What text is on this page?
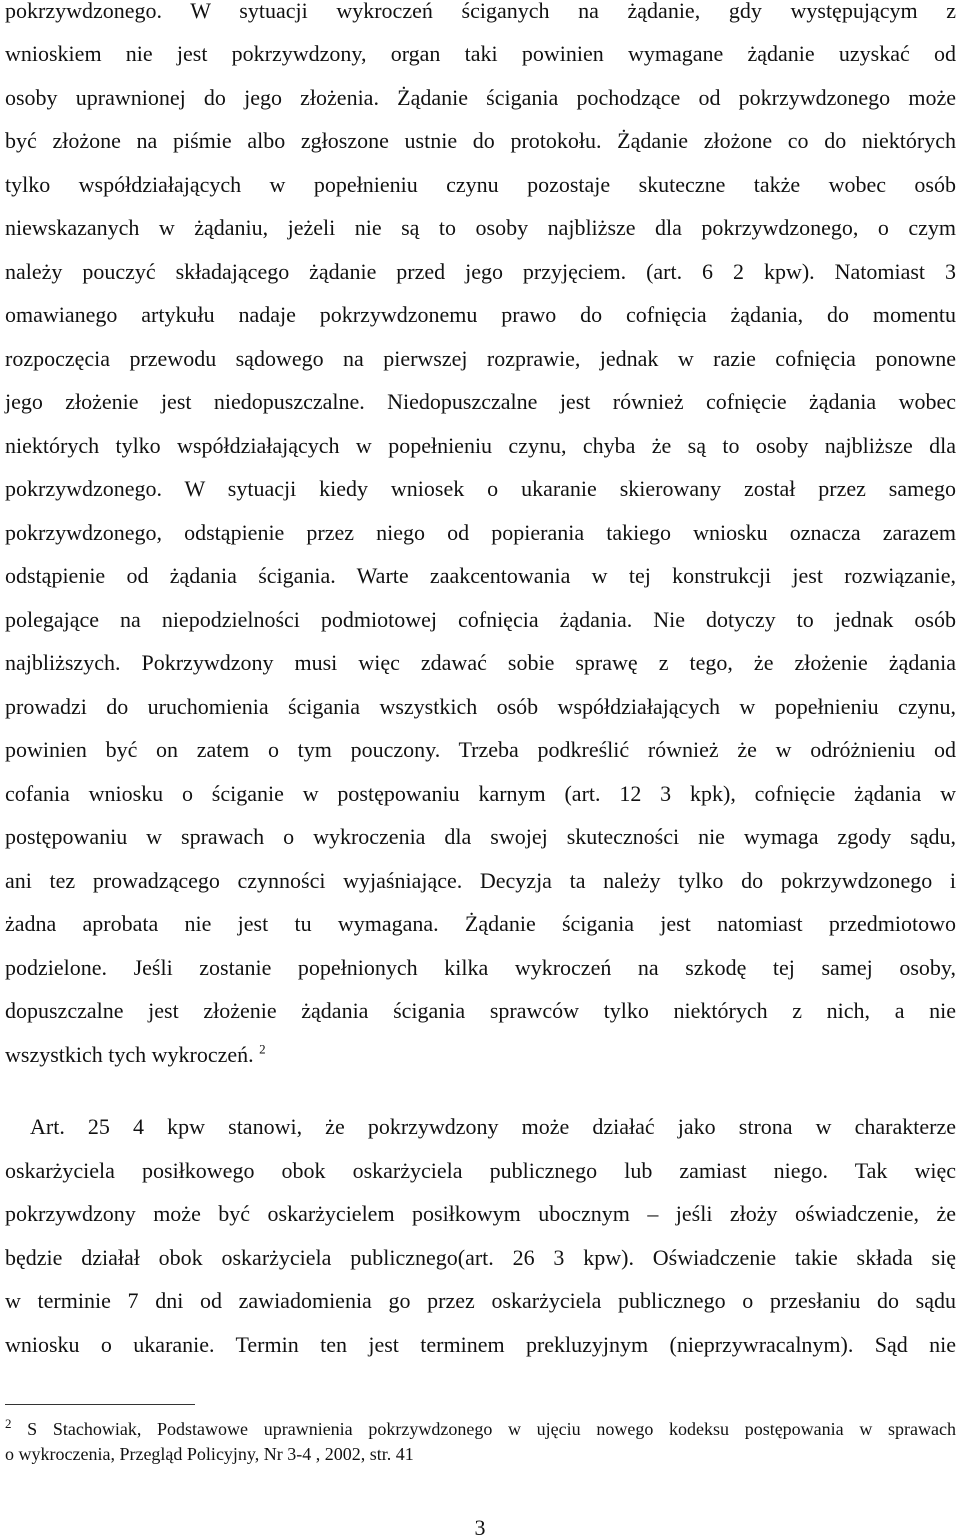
pokrzywdzonego. W sytuacji wykroczeń ściganych na żądanie, gdy występującym z
wnioskiem nie jest pokrzywdzony, organ taki powinien wymagane żądanie uzyskać od
osoby uprawnionej do jego złożenia. Żądanie ścigania pochodzące od pokrzywdzonego może
być złożone na piśmie albo zgłoszone ustnie do protokołu. Żądanie złożone co do niektórych
tylko współdziałających w popełnieniu czynu pozostaje skuteczne także wobec osób
niewskazanych w żądaniu, jeżeli nie są to osoby najbliższe dla pokrzywdzonego, o czym
należy pouczyć składającego żądanie przed jego przyjęciem. (art. 6 2 kpw). Natomiast 3
omawianego artykułu nadaje pokrzywdzonemu prawo do cofnięcia żądania, do momentu
rozpoczęcia przewodu sądowego na pierwszej rozprawie, jednak w razie cofnięcia ponowne
jego złożenie jest niedopuszczalne. Niedopuszczalne jest również cofnięcie żądania wobec
niektórych tylko współdziałających w popełnieniu czynu, chyba że są to osoby najbliższe dla
pokrzywdzonego. W sytuacji kiedy wniosek o ukaranie skierowany został przez samego
pokrzywdzonego, odstąpienie przez niego od popierania takiego wniosku oznacza zarazem
odstąpienie od żądania ścigania. Warte zaakcentowania w tej konstrukcji jest rozwiązanie,
polegające na niepodzielności podmiotowej cofnięcia żądania. Nie dotyczy to jednak osób
najbliższych. Pokrzywdzony musi więc zdawać sobie sprawę z tego, że złożenie żądania
prowadzi do uruchomienia ścigania wszystkich osób współdziałających w popełnieniu czynu,
powinien być on zatem o tym pouczony. Trzeba podkreślić również że w odróżnieniu od
cofania wniosku o ściganie w postępowaniu karnym (art. 12 3 kpk), cofnięcie żądania w
postępowaniu w sprawach o wykroczenia dla swojej skuteczności nie wymaga zgody sądu,
ani tez prowadzącego czynności wyjaśniające. Decyzja ta należy tylko do pokrzywdzonego i
żadna aprobata nie jest tu wymagana. Żądanie ścigania jest natomiast przedmiotowo
podzielone. Jeśli zostanie popełnionych kilka wykroczeń na szkodę tej samej osoby,
dopuszczalne jest złożenie żądania ścigania sprawców tylko niektórych z nich, a nie
wszystkich tych wykroczeń. $^2$
Art. 25 4 kpw stanowi, że pokrzywdzony może działać jako strona w charakterze
oskarżyciela posiłkowego obok oskarżyciela publicznego lub zamiast niego. Tak więc
pokrzywdzony może być oskarżycielem posiłkowym ubocznym – jeśli złoży oświadczenie, że
będzie działał obok oskarżyciela publicznego(art. 26 3 kpw). Oświadczenie takie składa się
w terminie 7 dni od zawiadomienia go przez oskarżyciela publicznego o przesłaniu do sądu
wniosku o ukaranie. Termin ten jest terminem prekluzyjnym (nieprzywracalnym). Sąd nie
$^2$ S Stachowiak, Podstawowe uprawnienia pokrzywdzonego w ujęciu nowego kodeksu postępowania w sprawach
o wykroczenia, Przegląd Policyjny, Nr 3-4 , 2002, str. 41
3
